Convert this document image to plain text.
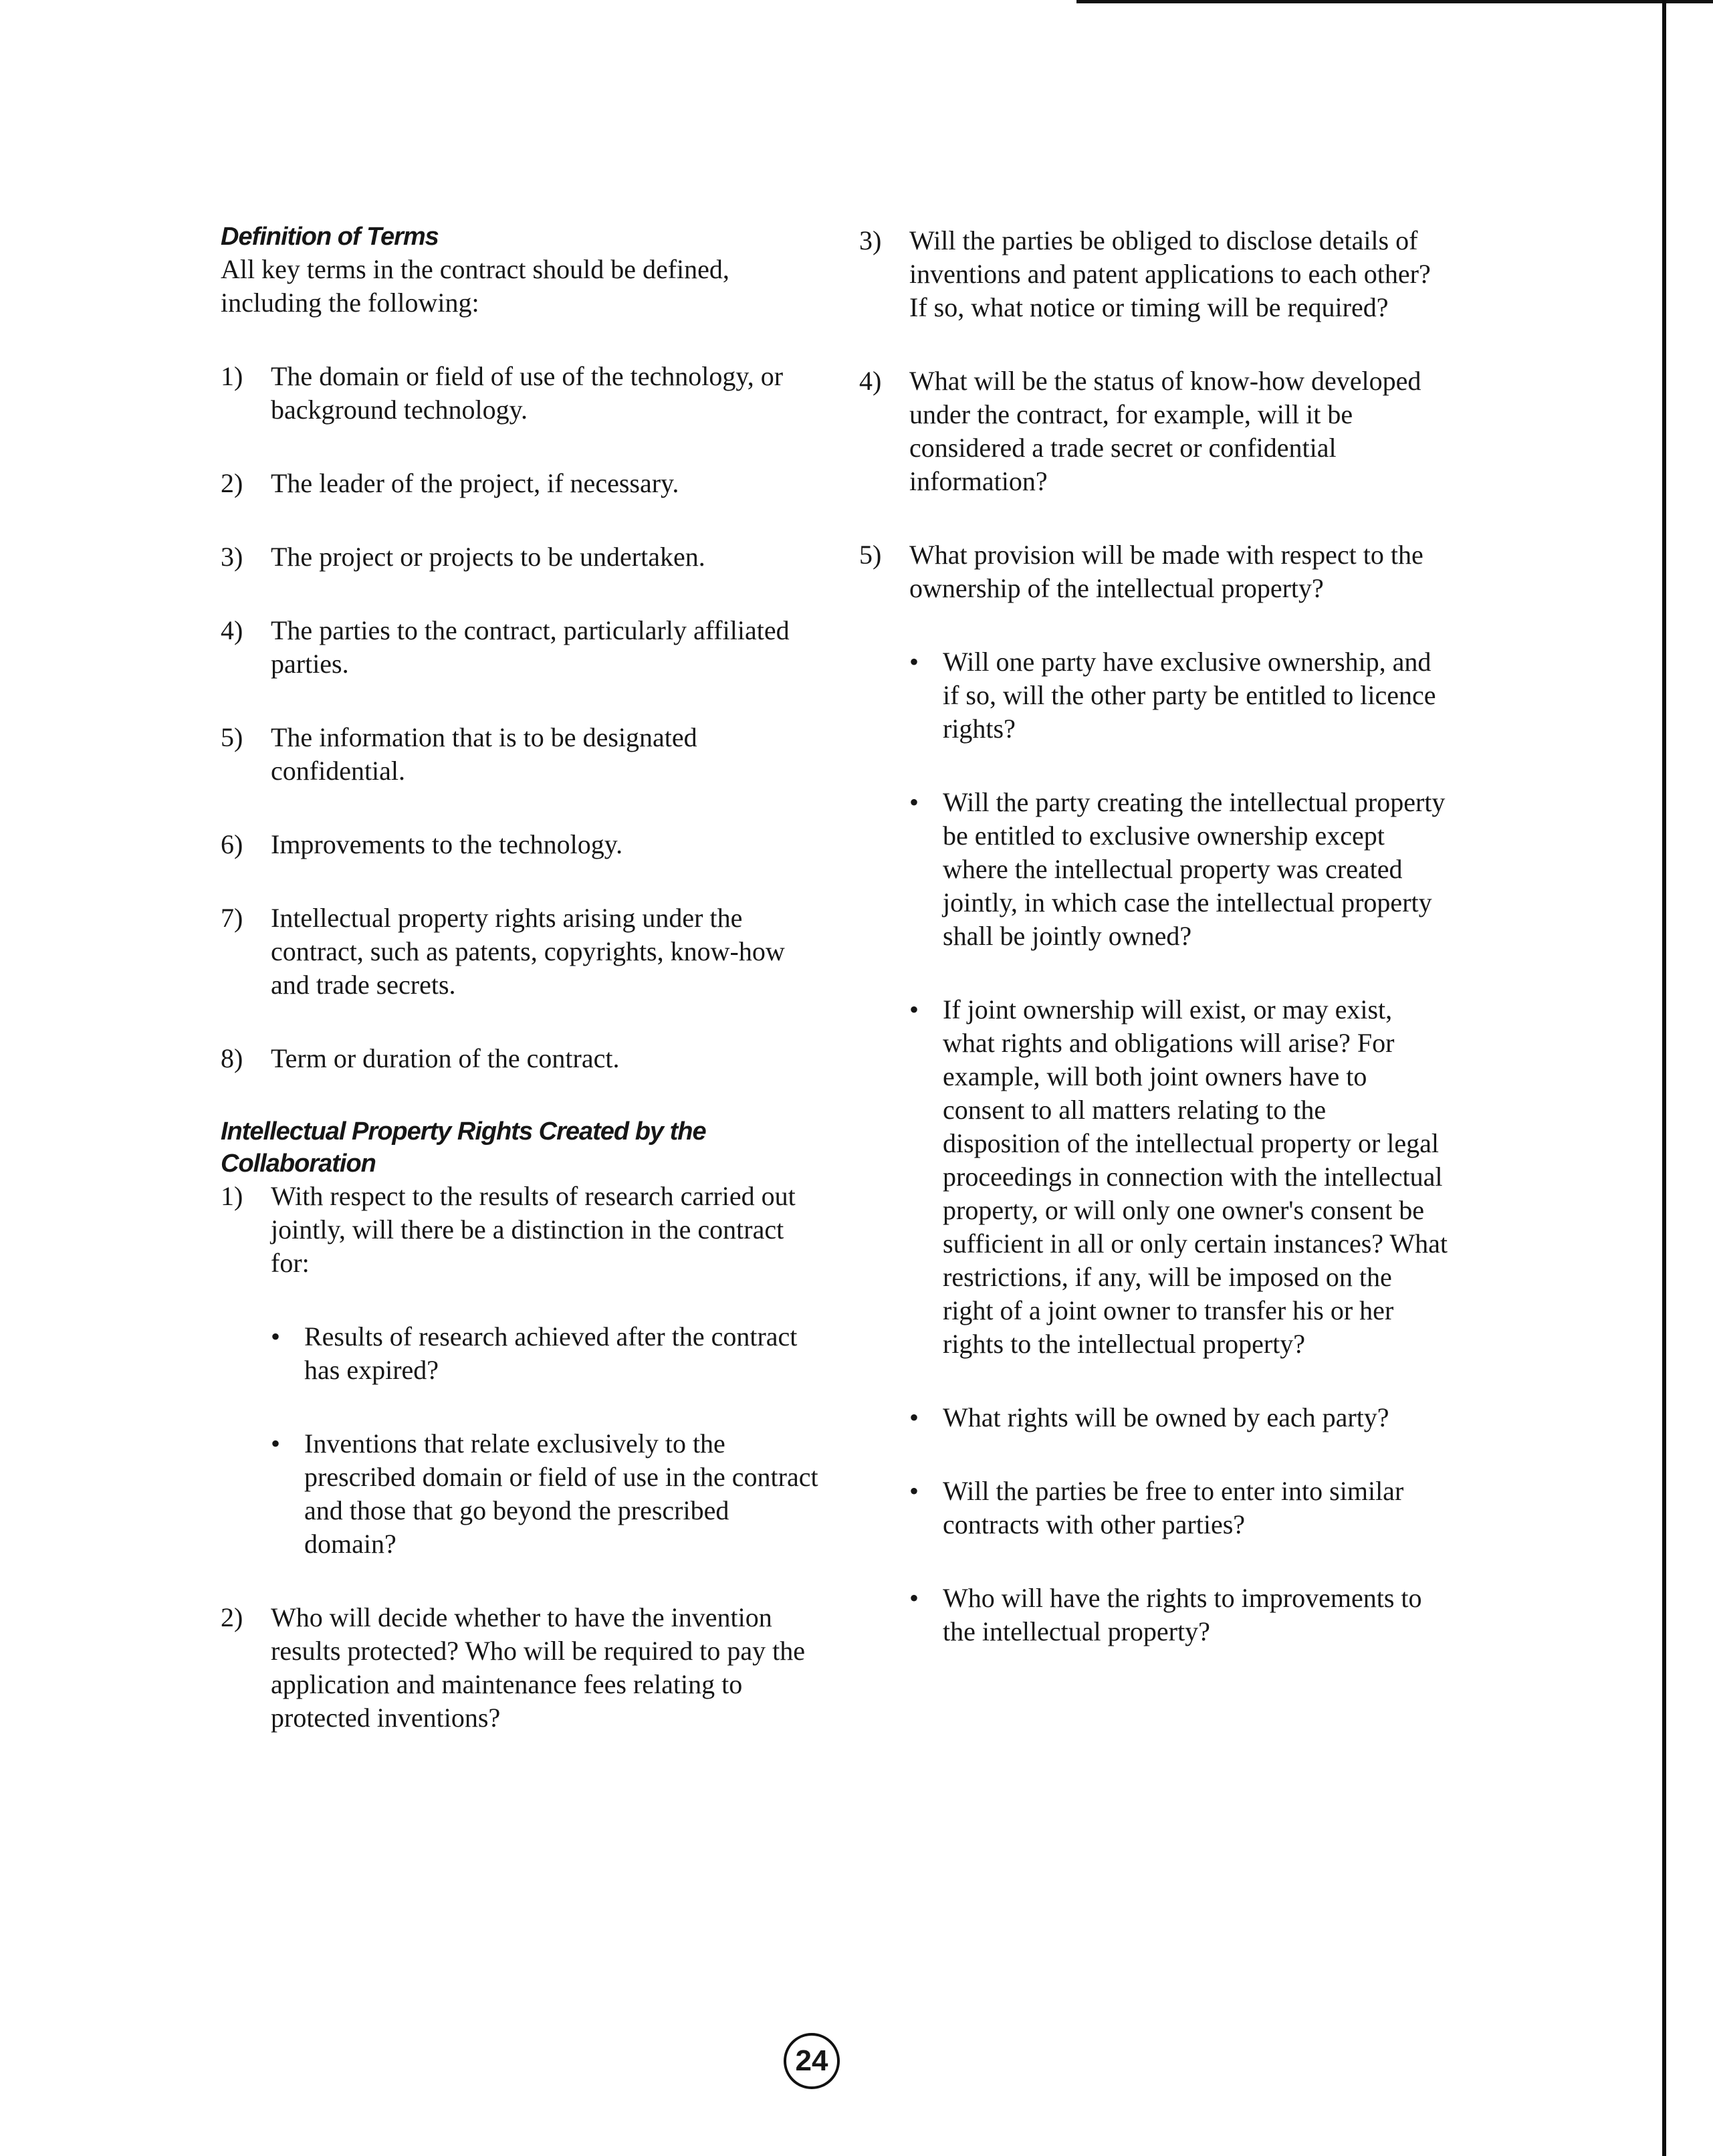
Definition of Terms

All key terms in the contract should be defined, including the following:

1) The domain or field of use of the technology, or background technology.
2) The leader of the project, if necessary.
3) The project or projects to be undertaken.
4) The parties to the contract, particularly affiliated parties.
5) The information that is to be designated confidential.
6) Improvements to the technology.
7) Intellectual property rights arising under the contract, such as patents, copyrights, know-how and trade secrets.
8) Term or duration of the contract.
Intellectual Property Rights Created by the Collaboration
1) With respect to the results of research carried out jointly, will there be a distinction in the contract for:
• Results of research achieved after the contract has expired?
• Inventions that relate exclusively to the prescribed domain or field of use in the contract and those that go beyond the prescribed domain?
2) Who will decide whether to have the invention results protected? Who will be required to pay the application and maintenance fees relating to protected inventions?
3) Will the parties be obliged to disclose details of inventions and patent applications to each other? If so, what notice or timing will be required?
4) What will be the status of know-how developed under the contract, for example, will it be considered a trade secret or confidential information?
5) What provision will be made with respect to the ownership of the intellectual property?
• Will one party have exclusive ownership, and if so, will the other party be entitled to licence rights?
• Will the party creating the intellectual property be entitled to exclusive ownership except where the intellectual property was created jointly, in which case the intellectual property shall be jointly owned?
• If joint ownership will exist, or may exist, what rights and obligations will arise? For example, will both joint owners have to consent to all matters relating to the disposition of the intellectual property or legal proceedings in connection with the intellectual property, or will only one owner's consent be sufficient in all or only certain instances? What restrictions, if any, will be imposed on the right of a joint owner to transfer his or her rights to the intellectual property?
• What rights will be owned by each party?
• Will the parties be free to enter into similar contracts with other parties?
• Who will have the rights to improvements to the intellectual property?
24
